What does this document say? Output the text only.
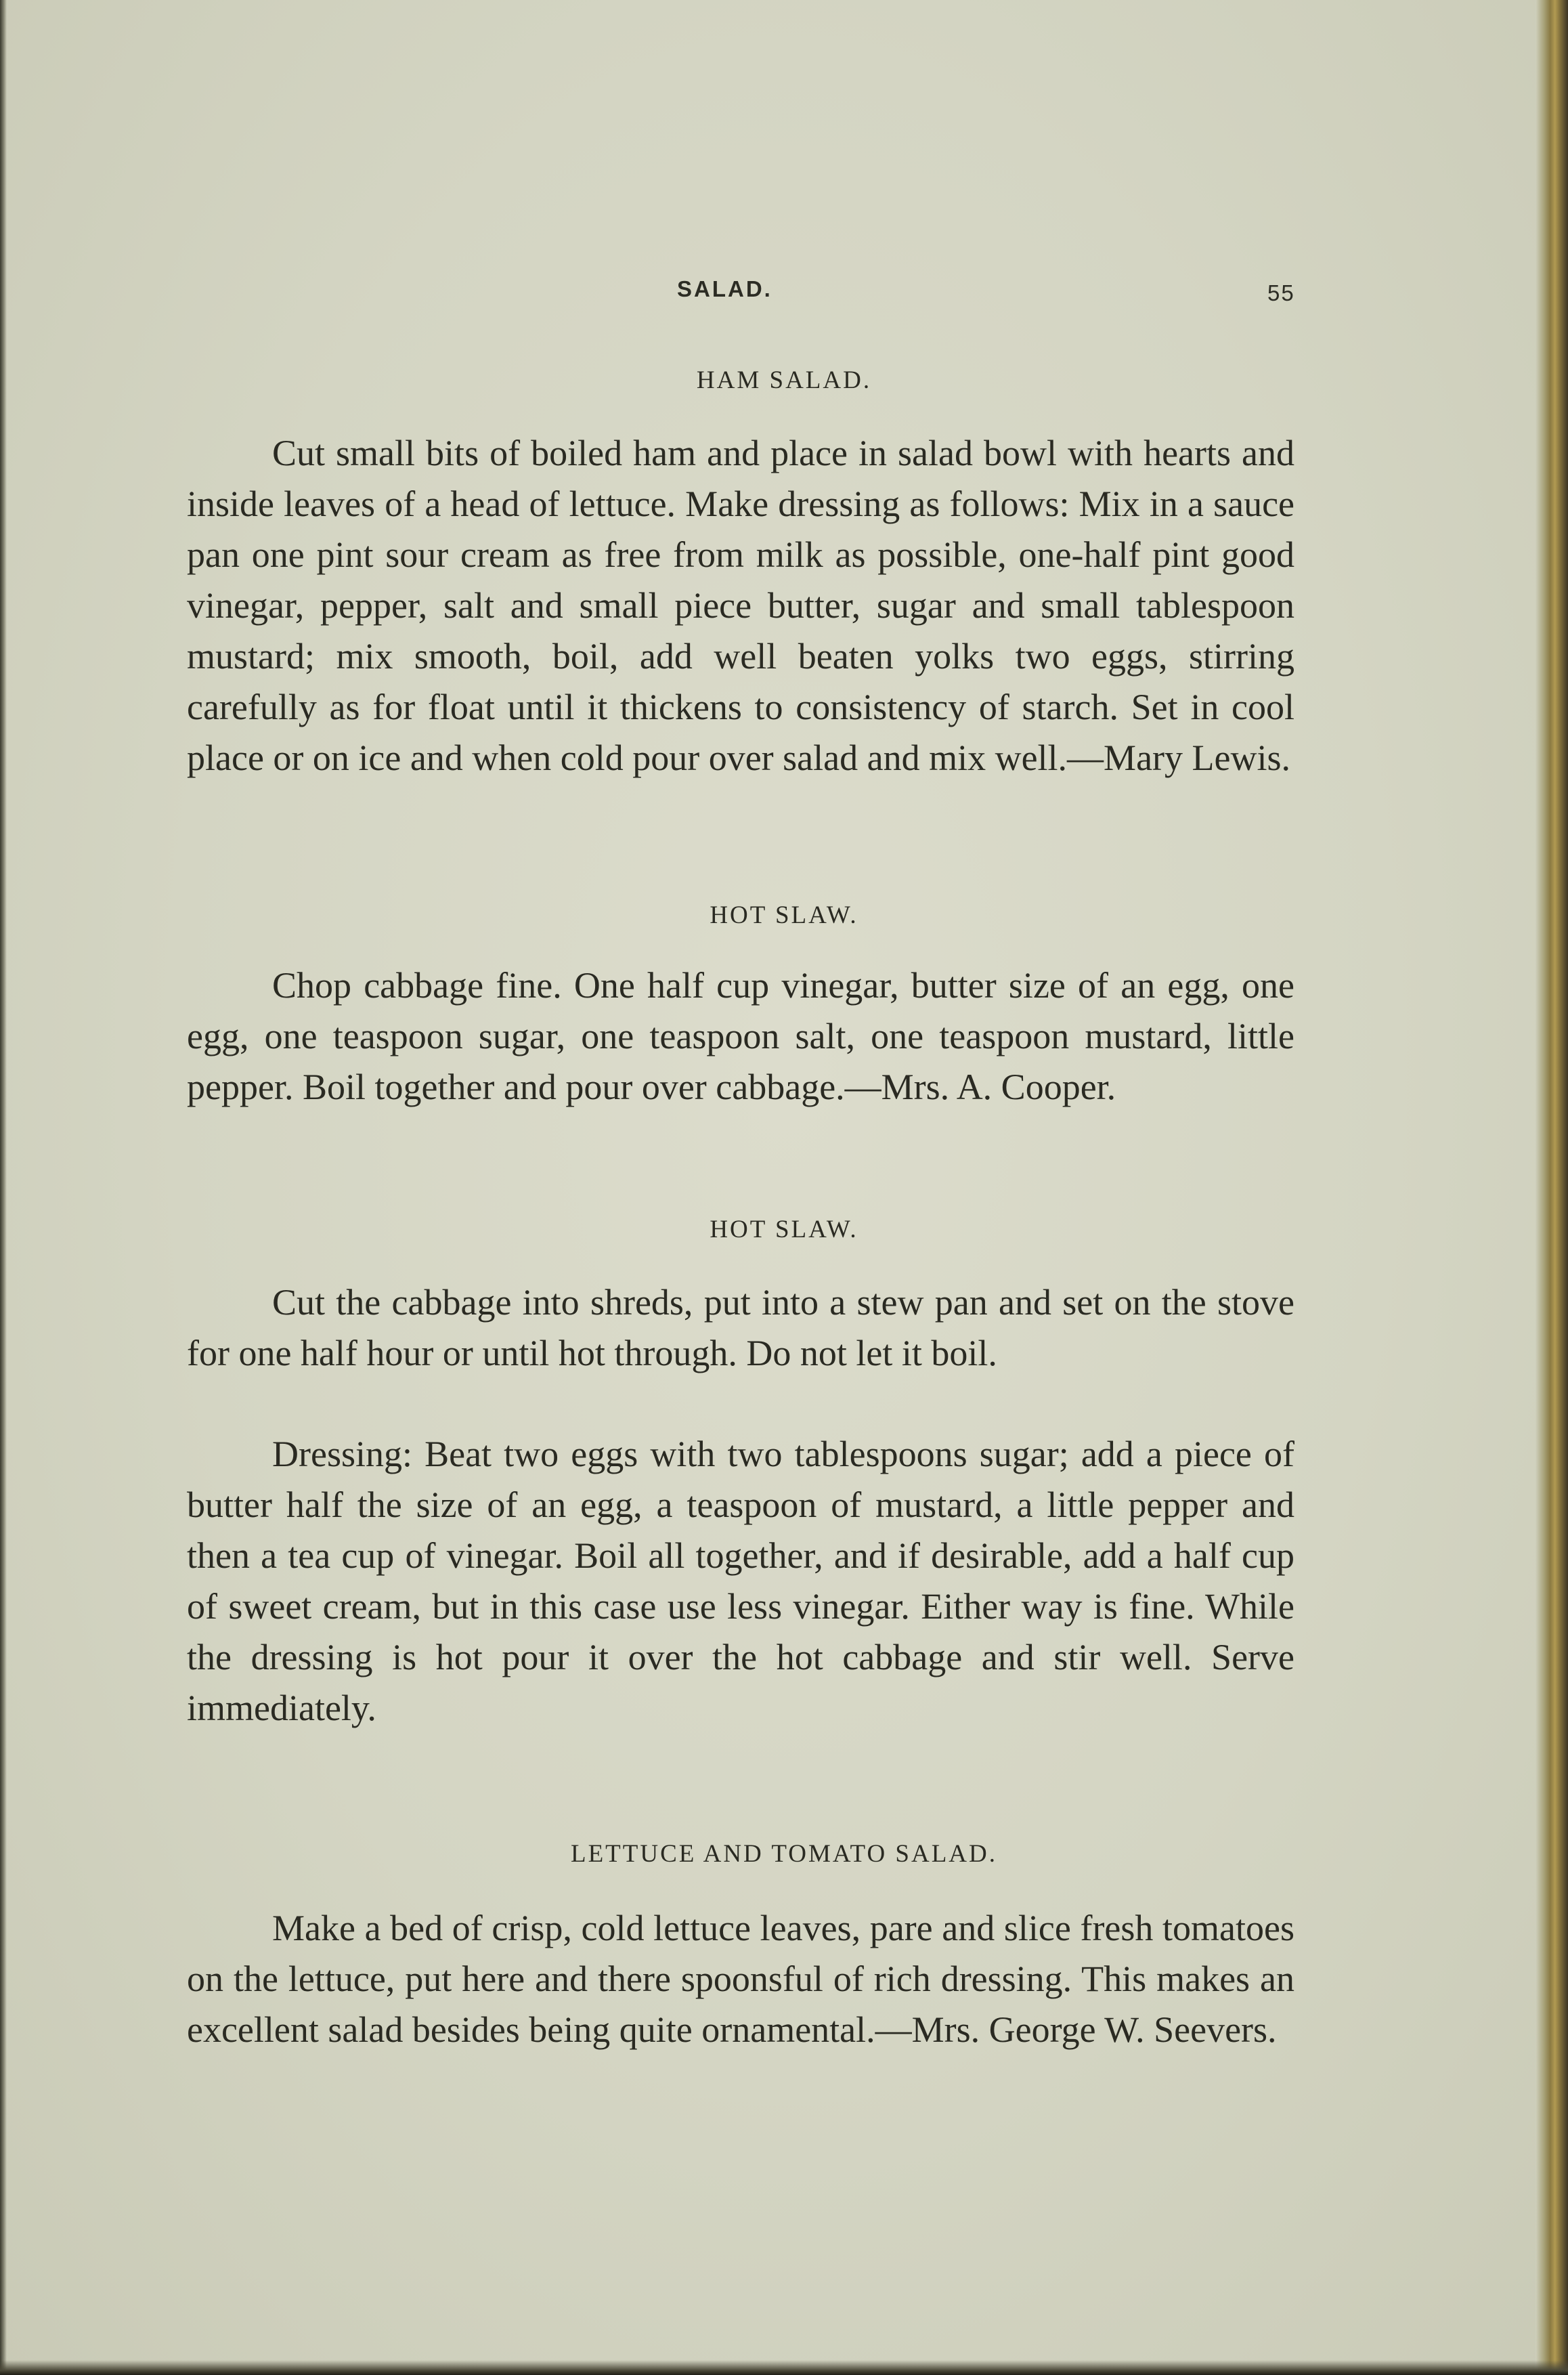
SALAD.	55
HAM SALAD.

Cut small bits of boiled ham and place in salad bowl with hearts and inside leaves of a head of lettuce. Make dressing as follows: Mix in a sauce pan one pint sour cream as free from milk as possible, one-half pint good vinegar, pepper, salt and small piece butter, sugar and small tablespoon mustard; mix smooth, boil, add well beaten yolks two eggs, stirring carefully as for float until it thickens to consistency of starch. Set in cool place or on ice and when cold pour over salad and mix well.—Mary Lewis.

HOT SLAW.

Chop cabbage fine. One half cup vinegar, butter size of an egg, one egg, one teaspoon sugar, one teaspoon salt, one teaspoon mustard, little pepper. Boil together and pour over cabbage.—Mrs. A. Cooper.

HOT SLAW.

Cut the cabbage into shreds, put into a stew pan and set on the stove for one half hour or until hot through. Do not let it boil.

Dressing: Beat two eggs with two tablespoons sugar; add a piece of butter half the size of an egg, a teaspoon of mustard, a little pepper and then a tea cup of vinegar. Boil all together, and if desirable, add a half cup of sweet cream, but in this case use less vinegar. Either way is fine. While the dressing is hot pour it over the hot cabbage and stir well. Serve immediately.

LETTUCE AND TOMATO SALAD.

Make a bed of crisp, cold lettuce leaves, pare and slice fresh tomatoes on the lettuce, put here and there spoonsful of rich dressing. This makes an excellent salad besides being quite ornamental.—Mrs. George W. Seevers.
